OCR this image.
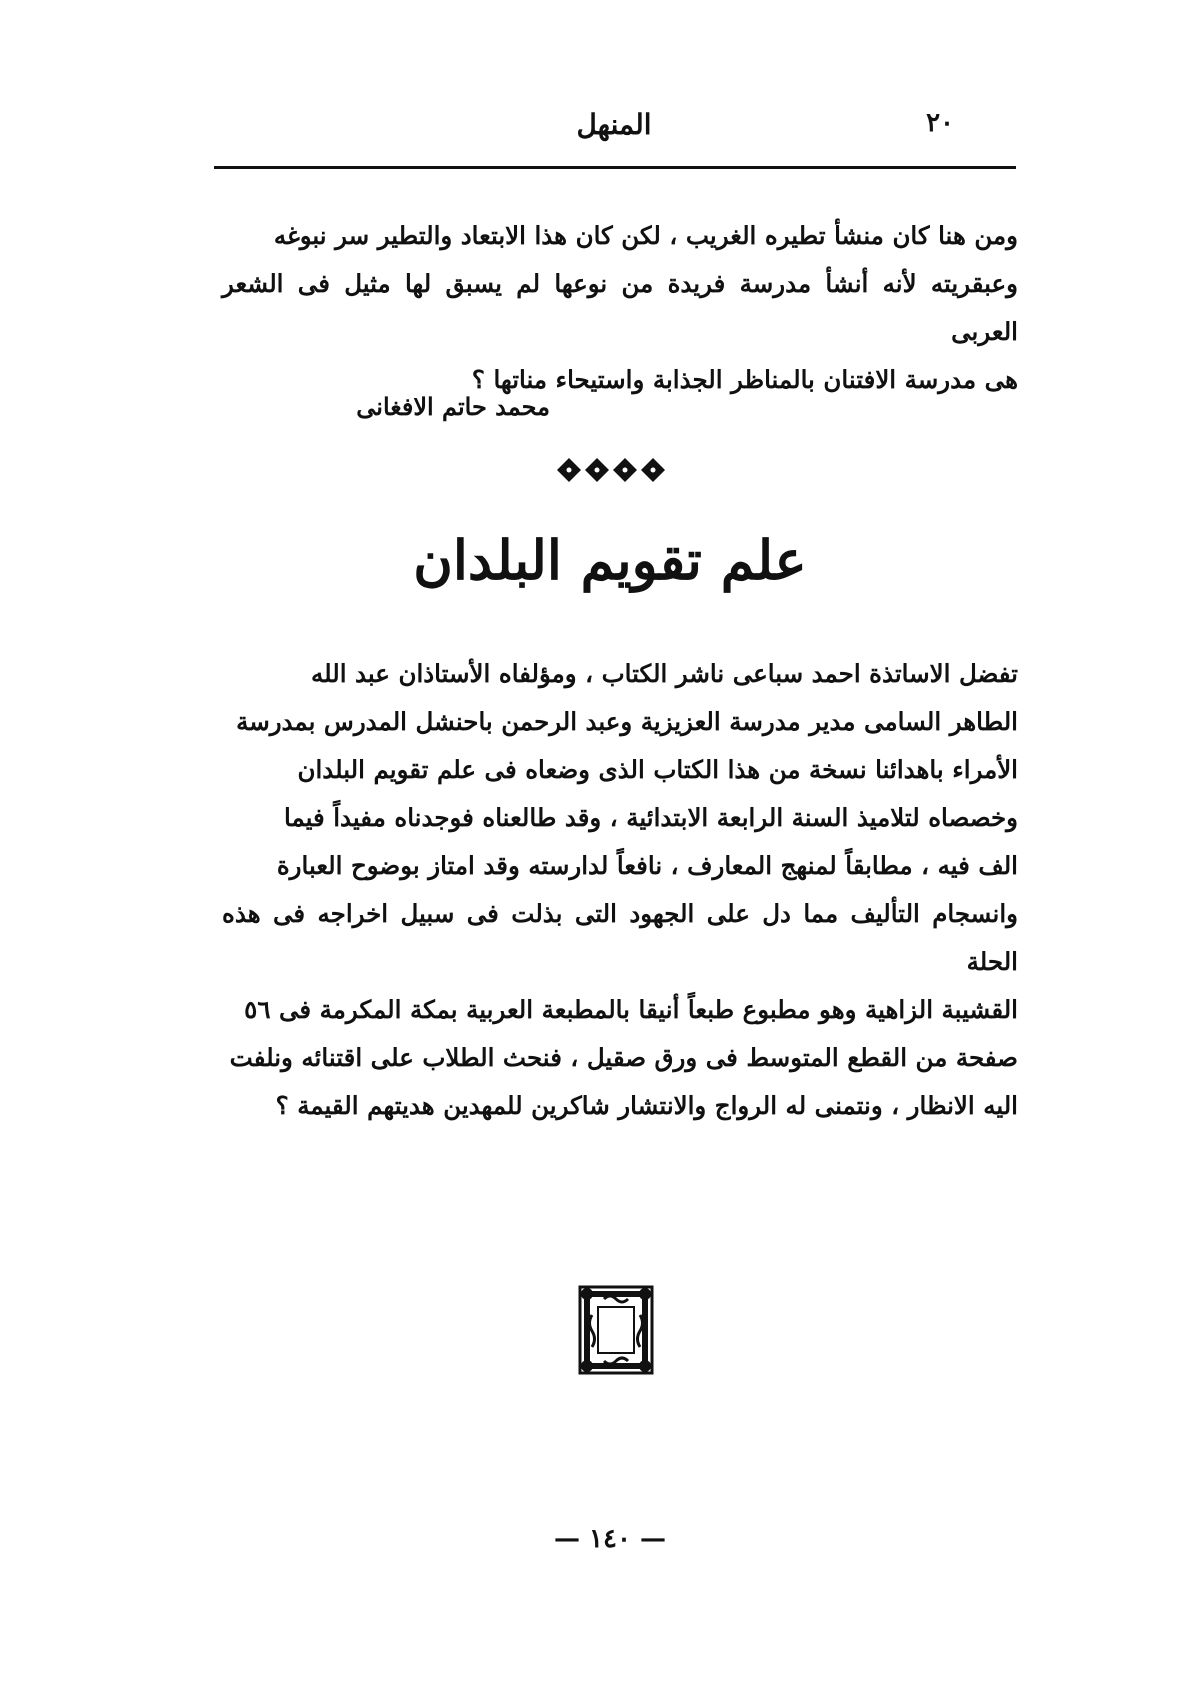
٢٠
المنهل

ومن هنا كان منشأ تطيره الغريب ، لكن كان هذا الابتعاد والتطير سر نبوغه

وعبقريته لأنه أنشأ مدرسة فريدة من نوعها لم يسبق لها مثيل فى الشعر العربى

هى مدرسة الافتنان بالمناظر الجذابة واستيحاء مناتها ؟

محمد حاتم الافغانى
علم تقويم البلدان

تفضل الاساتذة احمد سباعى ناشر الكتاب ، ومؤلفاه الأستاذان عبد الله

الطاهر السامى مدير مدرسة العزيزية وعبد الرحمن باحنشل المدرس بمدرسة

الأمراء باهدائنا نسخة من هذا الكتاب الذى وضعاه فى علم تقويم البلدان

وخصصاه لتلاميذ السنة الرابعة الابتدائية ، وقد طالعناه فوجدناه مفيداً فيما

الف فيه ، مطابقاً لمنهج المعارف ، نافعاً لدارسته وقد امتاز بوضوح العبارة

وانسجام التأليف مما دل على الجهود التى بذلت فى سبيل اخراجه فى هذه الحلة

القشيبة الزاهية وهو مطبوع طبعاً أنيقا بالمطبعة العربية بمكة المكرمة فى ٥٦

صفحة من القطع المتوسط فى ورق صقيل ، فنحث الطلاب على اقتنائه ونلفت

اليه الانظار ، ونتمنى له الرواج والانتشار شاكرين للمهدين هديتهم القيمة ؟

— ١٤٠ —
